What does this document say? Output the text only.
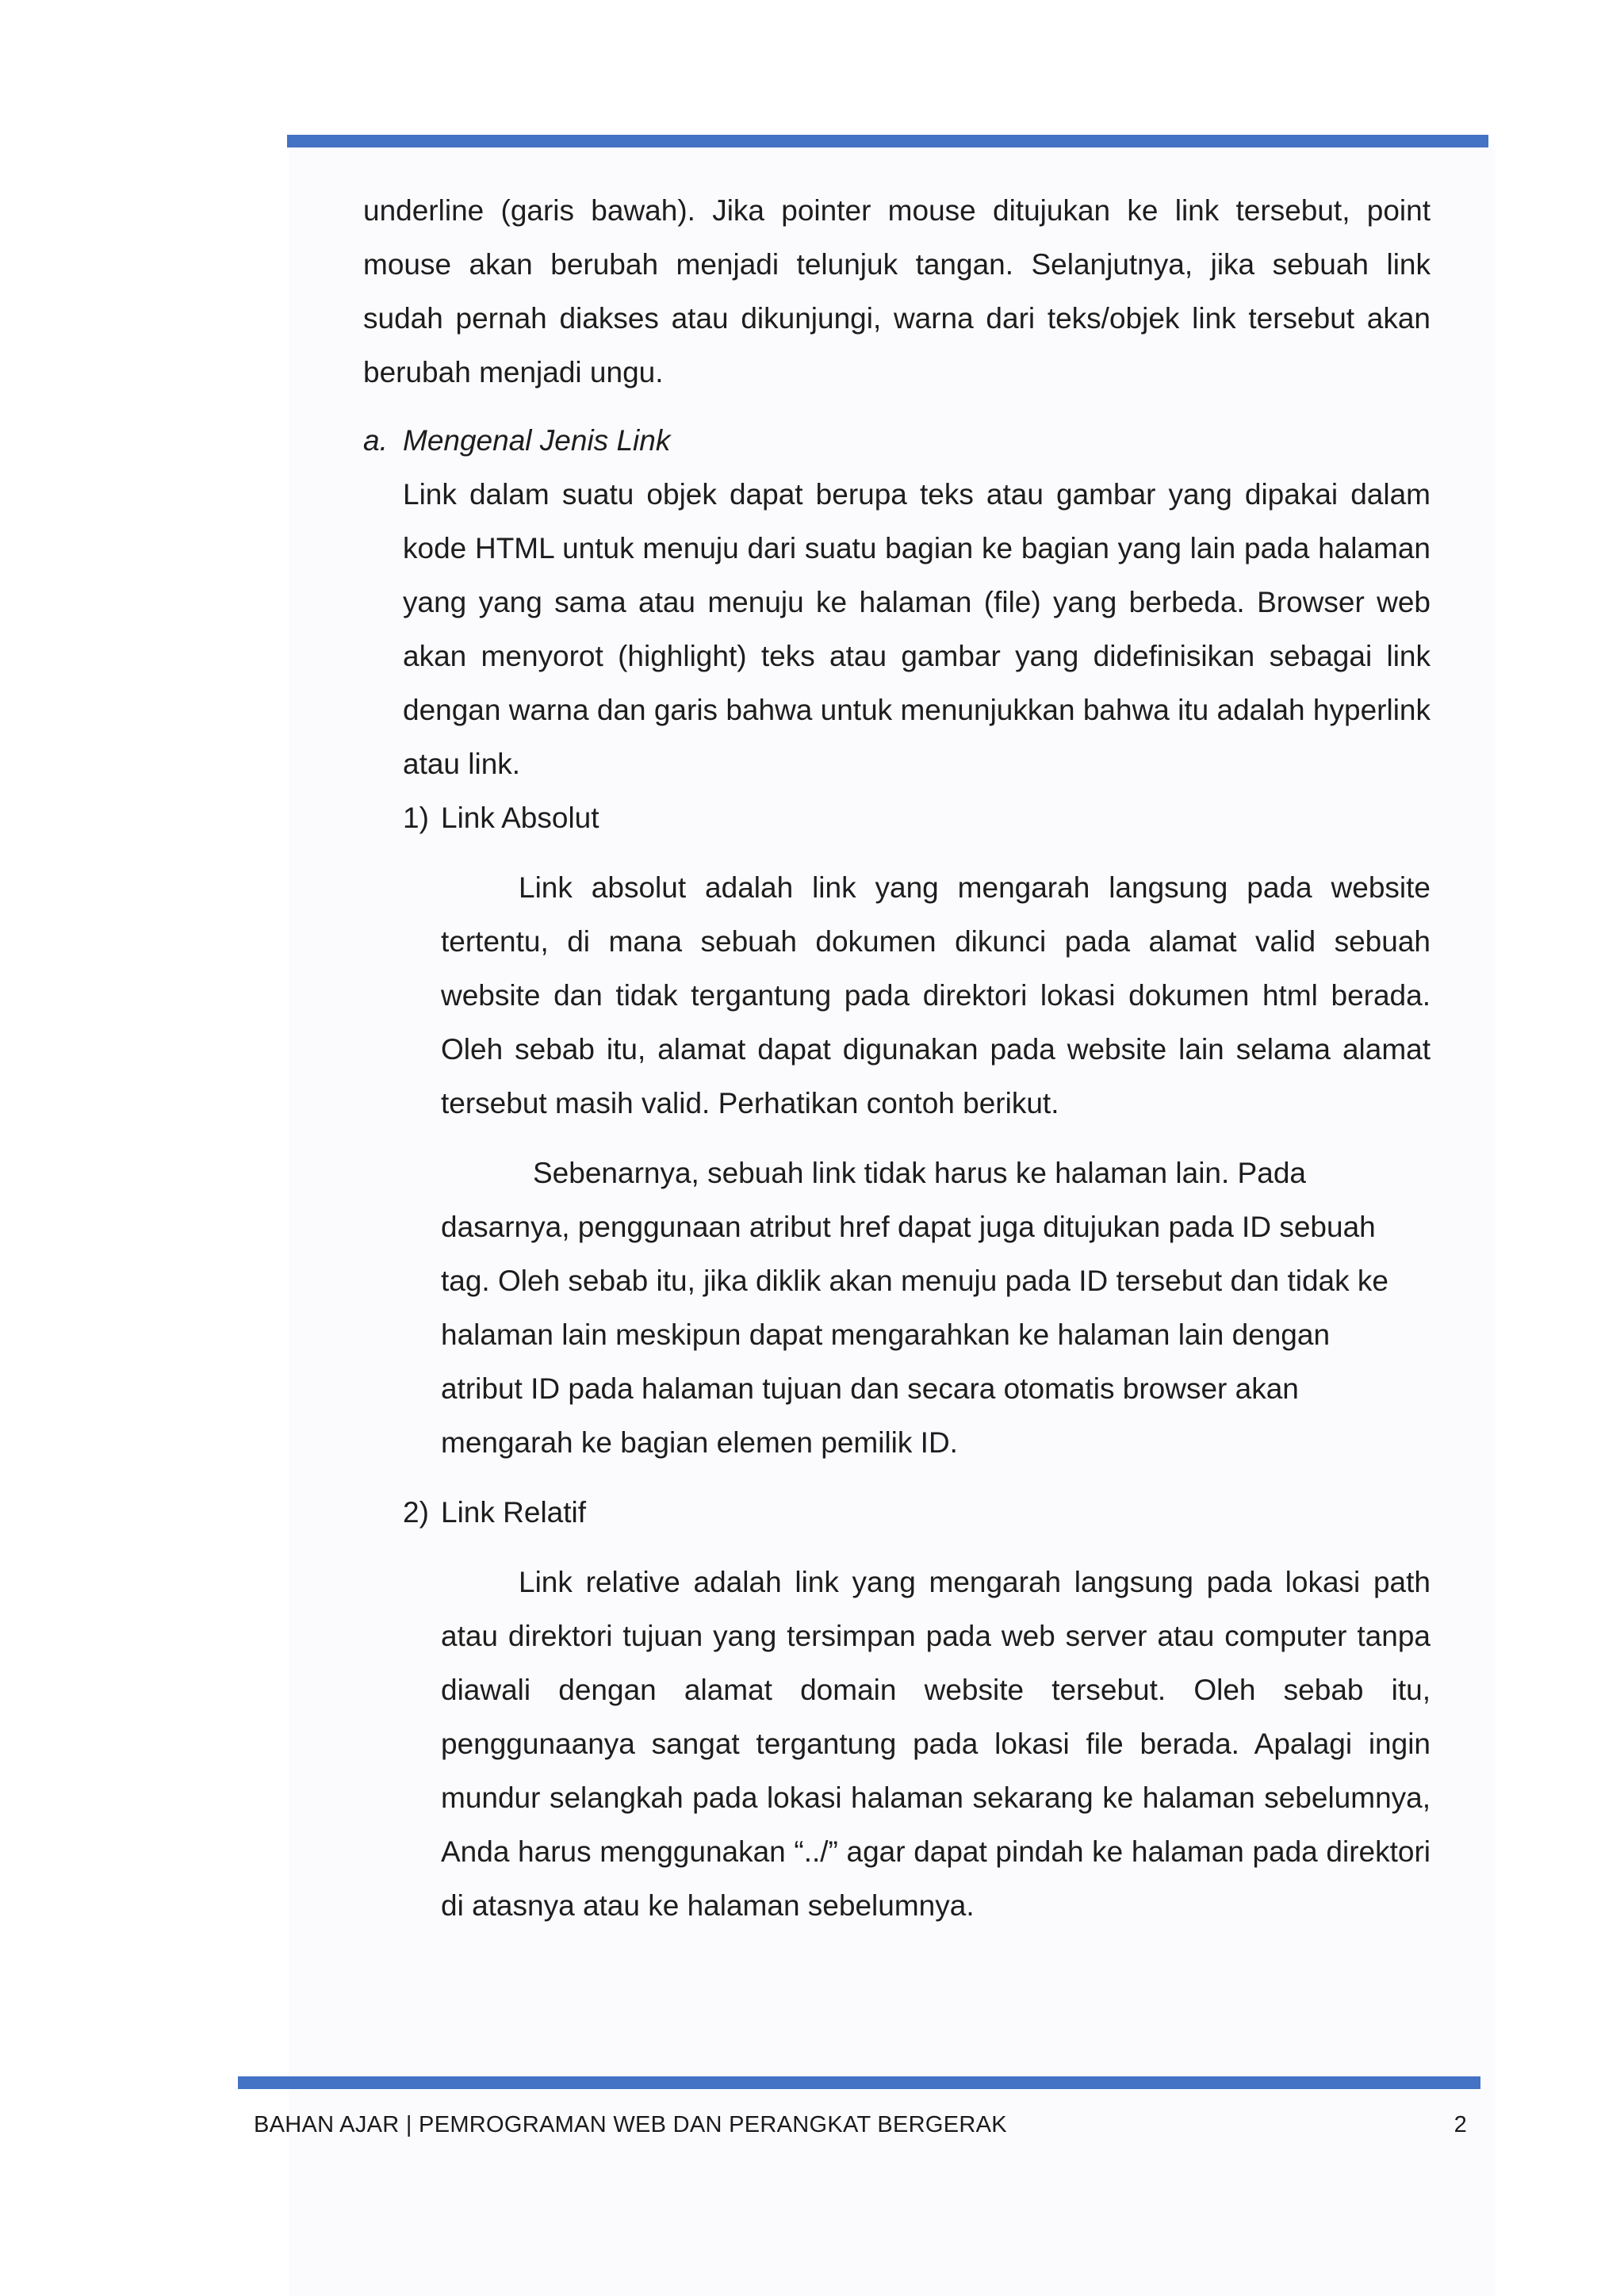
underline (garis bawah). Jika pointer mouse ditujukan ke link tersebut, point mouse akan berubah menjadi telunjuk tangan. Selanjutnya, jika sebuah link sudah pernah diakses atau dikunjungi, warna dari teks/objek link tersebut akan berubah menjadi ungu.

a. Mengenal Jenis Link

Link dalam suatu objek dapat berupa teks atau gambar yang dipakai dalam kode HTML untuk menuju dari suatu bagian ke bagian yang lain pada halaman yang yang sama atau menuju ke halaman (file) yang berbeda. Browser web akan menyorot (highlight) teks atau gambar yang didefinisikan sebagai link dengan warna dan garis bahwa untuk menunjukkan bahwa itu adalah hyperlink atau link.

1) Link Absolut

Link absolut adalah link yang mengarah langsung pada website tertentu, di mana sebuah dokumen dikunci pada alamat valid sebuah website dan tidak tergantung pada direktori lokasi dokumen html berada. Oleh sebab itu, alamat dapat digunakan pada website lain selama alamat tersebut masih valid. Perhatikan contoh berikut.

Sebenarnya, sebuah link tidak harus ke halaman lain. Pada dasarnya, penggunaan atribut href dapat juga ditujukan pada ID sebuah tag. Oleh sebab itu, jika diklik akan menuju pada ID tersebut dan tidak ke halaman lain meskipun dapat mengarahkan ke halaman lain dengan atribut ID pada halaman tujuan dan secara otomatis browser akan mengarah ke bagian elemen pemilik ID.

2) Link Relatif

Link relative adalah link yang mengarah langsung pada lokasi path atau direktori tujuan yang tersimpan pada web server atau computer tanpa diawali dengan alamat domain website tersebut. Oleh sebab itu, penggunaanya sangat tergantung pada lokasi file berada. Apalagi ingin mundur selangkah pada lokasi halaman sekarang ke halaman sebelumnya, Anda harus menggunakan “../” agar dapat pindah ke halaman pada direktori di atasnya atau ke halaman sebelumnya.

BAHAN AJAR | PEMROGRAMAN WEB DAN PERANGKAT BERGERAK	2
